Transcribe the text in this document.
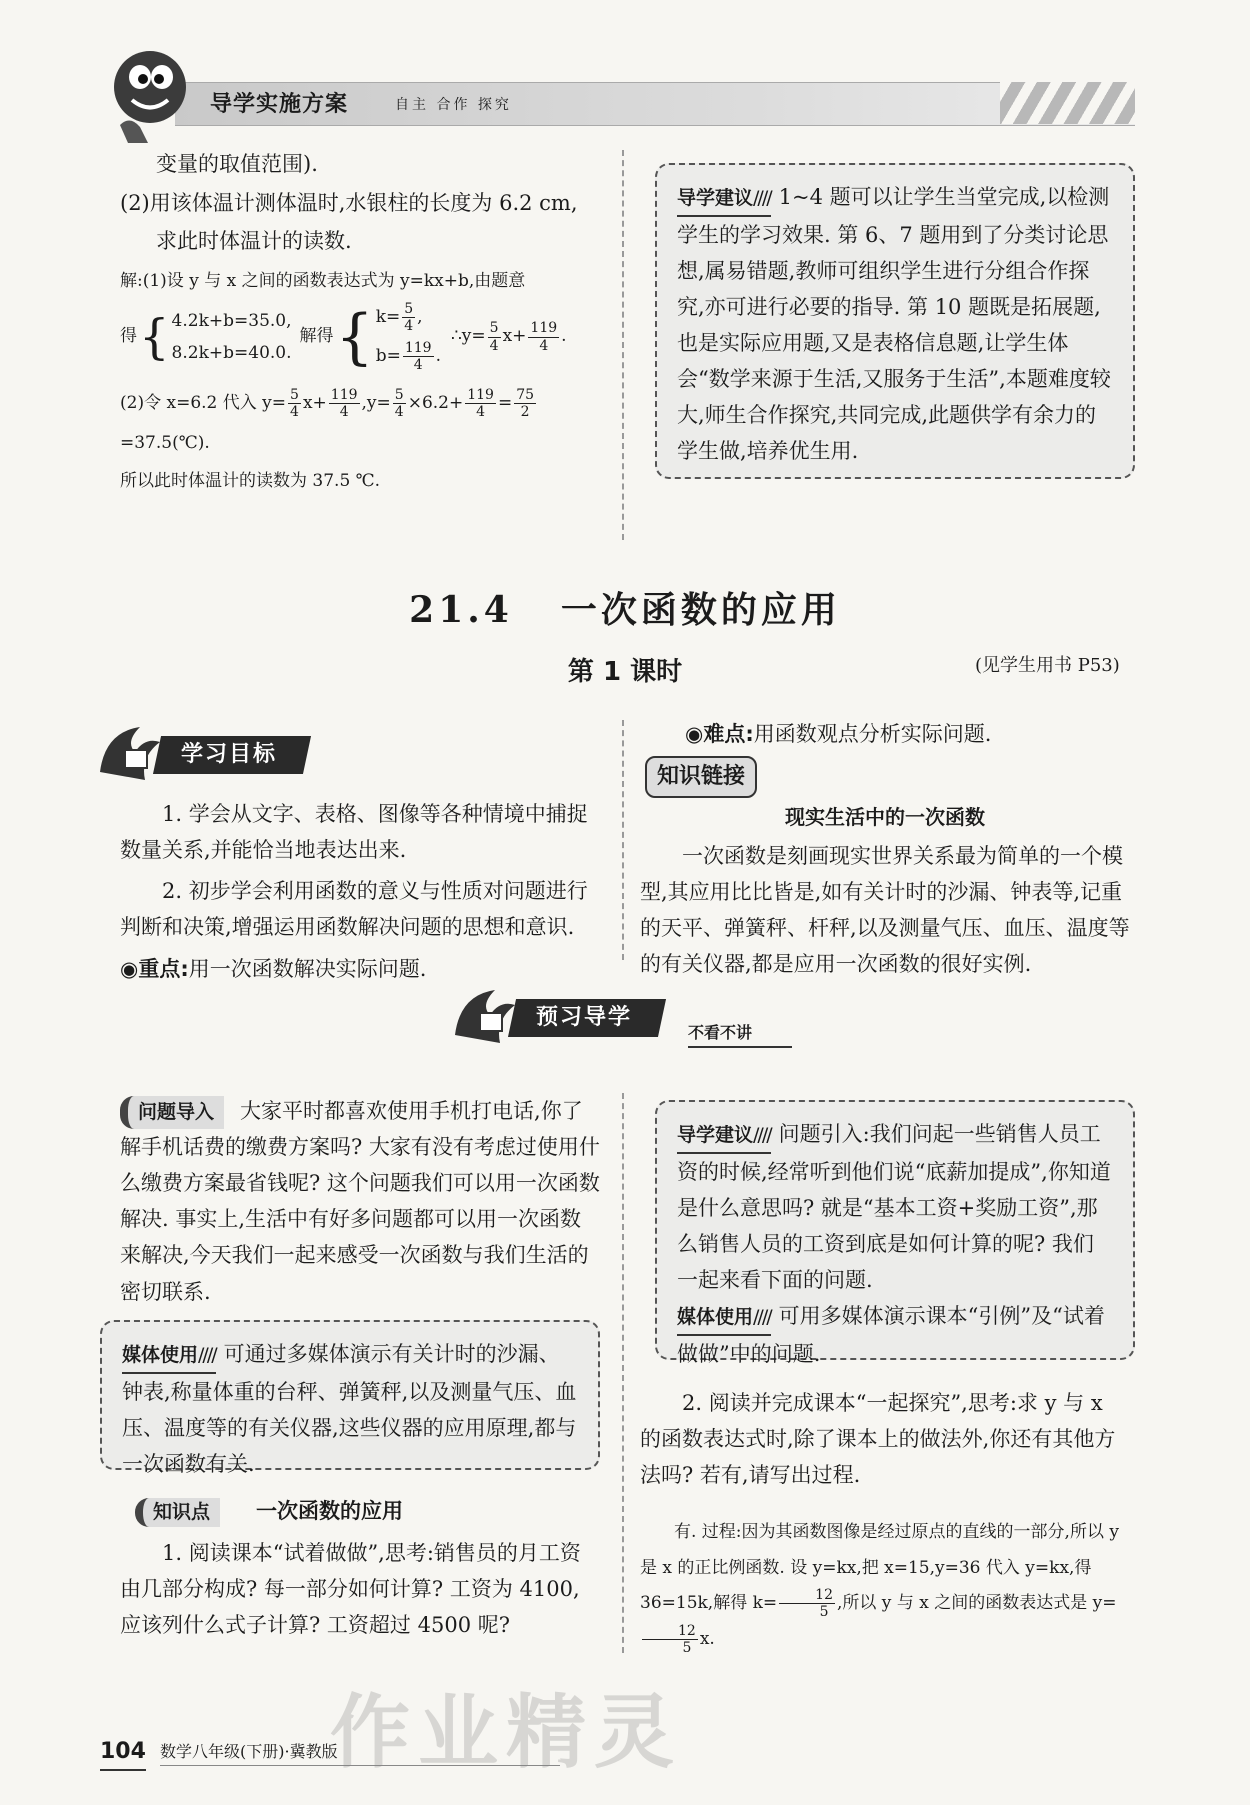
导学实施方案	自主 合作 探究

变量的取值范围).

(2)用该体温计测体温时,水银柱的长度为 6.2 cm,

求此时体温计的读数.

解:(1)设 y 与 x 之间的函数表达式为 y=kx+b,由题意

得 { 4.2k+b=35.0,
8.2k+b=40.0.
解得 { $k= \frac{5}{4}$ ,
$b= \frac{119}{4}$ .
∴y= $\frac{5}{4} x+ \frac{119}{4}$ .
(2)令 x=6.2 代入 $y= \frac{5}{4} x+ \frac{119}{4} ,y= \frac{5}{4} \times 6.2+ \frac{119}{4} = \frac{75}{2}$

=37.5(℃).

所以此时体温计的读数为 37.5 ℃.

导学建议//// 1~4 题可以让学生当堂完成,以检测学生的学习效果. 第 6、7 题用到了分类讨论思想,属易错题,教师可组织学生进行分组合作探究,亦可进行必要的指导. 第 10 题既是拓展题,也是实际应用题,又是表格信息题,让学生体会“数学来源于生活,又服务于生活”,本题难度较大,师生合作探究,共同完成,此题供学有余力的学生做,培养优生用.
21.4 一次函数的应用
第 1 课时	(见学生用书 P53)
学习目标

1. 学会从文字、表格、图像等各种情境中捕捉数量关系,并能恰当地表达出来.

2. 初步学会利用函数的意义与性质对问题进行判断和决策,增强运用函数解决问题的思想和意识.

◉重点:用一次函数解决实际问题.

◉难点:用函数观点分析实际问题.
知识链接
现实生活中的一次函数

一次函数是刻画现实世界关系最为简单的一个模型,其应用比比皆是,如有关计时的沙漏、钟表等,记重的天平、弹簧秤、杆秤,以及测量气压、血压、温度等的有关仪器,都是应用一次函数的很好实例.

预习导学
不看不讲

问题导入 大家平时都喜欢使用手机打电话,你了解手机话费的缴费方案吗? 大家有没有考虑过使用什么缴费方案最省钱呢? 这个问题我们可以用一次函数解决. 事实上,生活中有好多问题都可以用一次函数来解决,今天我们一起来感受一次函数与我们生活的密切联系.

媒体使用//// 可通过多媒体演示有关计时的沙漏、钟表,称量体重的台秤、弹簧秤,以及测量气压、血压、温度等的有关仪器,这些仪器的应用原理,都与一次函数有关.
知识点 一次函数的应用

1. 阅读课本“试着做做”,思考:销售员的月工资由几部分构成? 每一部分如何计算? 工资为 4100,应该列什么式子计算? 工资超过 4500 呢?

导学建议//// 问题引入:我们问起一些销售人员工资的时候,经常听到他们说“底薪加提成”,你知道是什么意思吗? 就是“基本工资+奖励工资”,那么销售人员的工资到底是如何计算的呢? 我们一起来看下面的问题.
媒体使用//// 可用多媒体演示课本“引例”及“试着做做”中的问题.

2. 阅读并完成课本“一起探究”,思考:求 y 与 x 的函数表达式时,除了课本上的做法外,你还有其他方法吗? 若有,请写出过程.

有. 过程:因为其函数图像是经过原点的直线的一部分,所以 y 是 x 的正比例函数. 设 y=kx,把 x=15,y=36 代入 y=kx,得 36=15k,解得 $k= \frac{12}{5}$ ,所以 y 与 x 之间的函数表达式是 y=
$\frac{12}{5} x$.

作业精灵
104 数学八年级(下册)·冀教版
